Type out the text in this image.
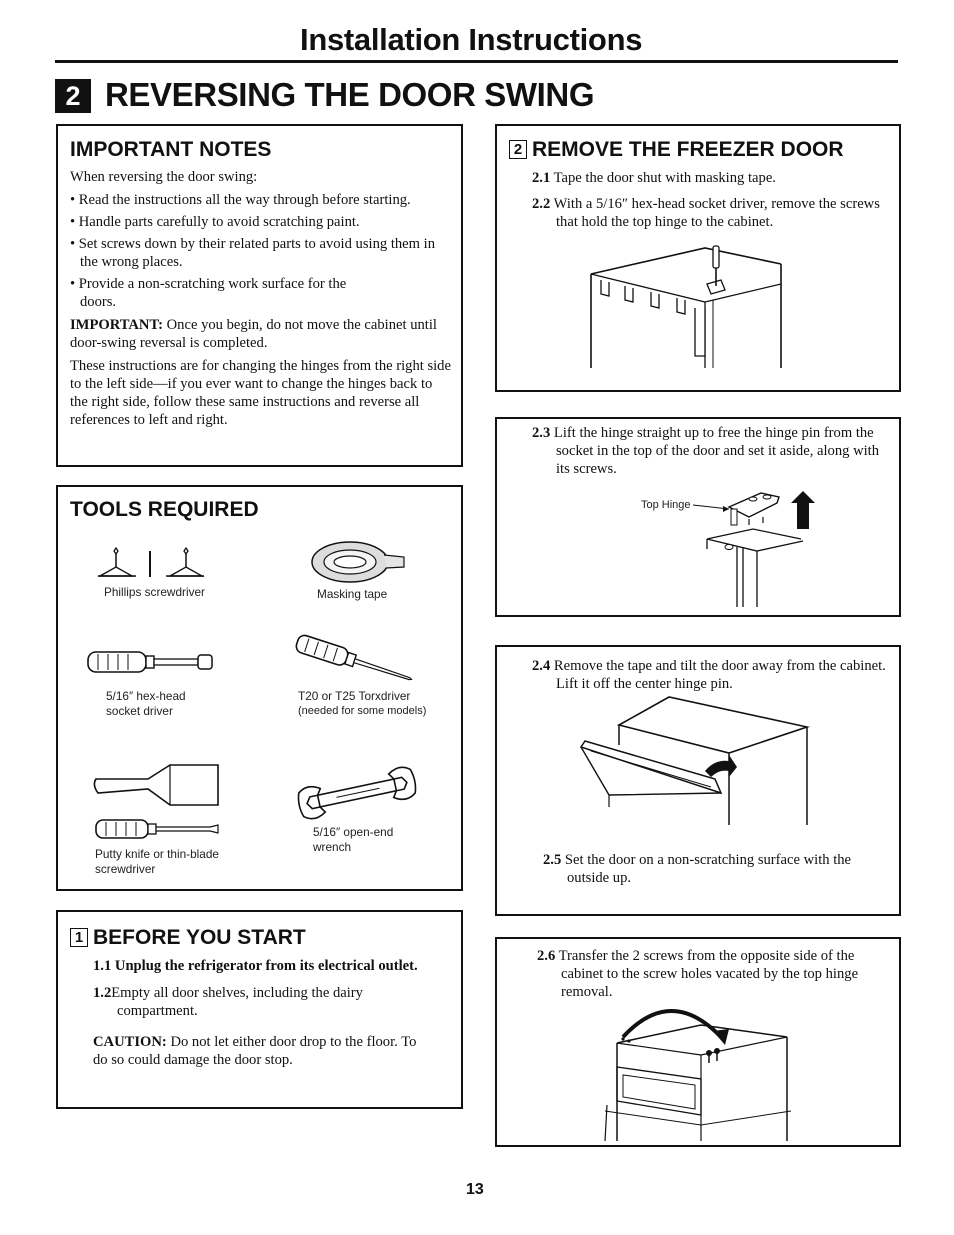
Installation Instructions
2 REVERSING THE DOOR SWING
IMPORTANT NOTES
When reversing the door swing:
• Read the instructions all the way through before starting.
• Handle parts carefully to avoid scratching paint.
• Set screws down by their related parts to avoid using them in the wrong places.
• Provide a non-scratching work surface for the doors.
IMPORTANT: Once you begin, do not move the cabinet until door-swing reversal is completed.
These instructions are for changing the hinges from the right side to the left side—if you ever want to change the hinges back to the right side, follow these same instructions and reverse all references to left and right.
TOOLS REQUIRED
Phillips screwdriver	Masking tape
5/16″ hex-head
socket driver
T20 or T25 Torxdriver
(needed for some models)
Putty knife or thin-blade
screwdriver
5/16″ open-end
wrench
1 BEFORE YOU START
1.1 Unplug the refrigerator from its electrical outlet.
1.2Empty all door shelves, including the dairy compartment.
CAUTION: Do not let either door drop to the floor. To do so could damage the door stop.
2 REMOVE THE FREEZER DOOR
2.1 Tape the door shut with masking tape.
2.2 With a 5/16″ hex-head socket driver, remove the screws that hold the top hinge to the cabinet.
2.3 Lift the hinge straight up to free the hinge pin from the socket in the top of the door and set it aside, along with its screws.
Top Hinge
2.4 Remove the tape and tilt the door away from the cabinet. Lift it off the center hinge pin.
2.5 Set the door on a non-scratching surface with the outside up.
2.6 Transfer the 2 screws from the opposite side of the cabinet to the screw holes vacated by the top hinge removal.
13
